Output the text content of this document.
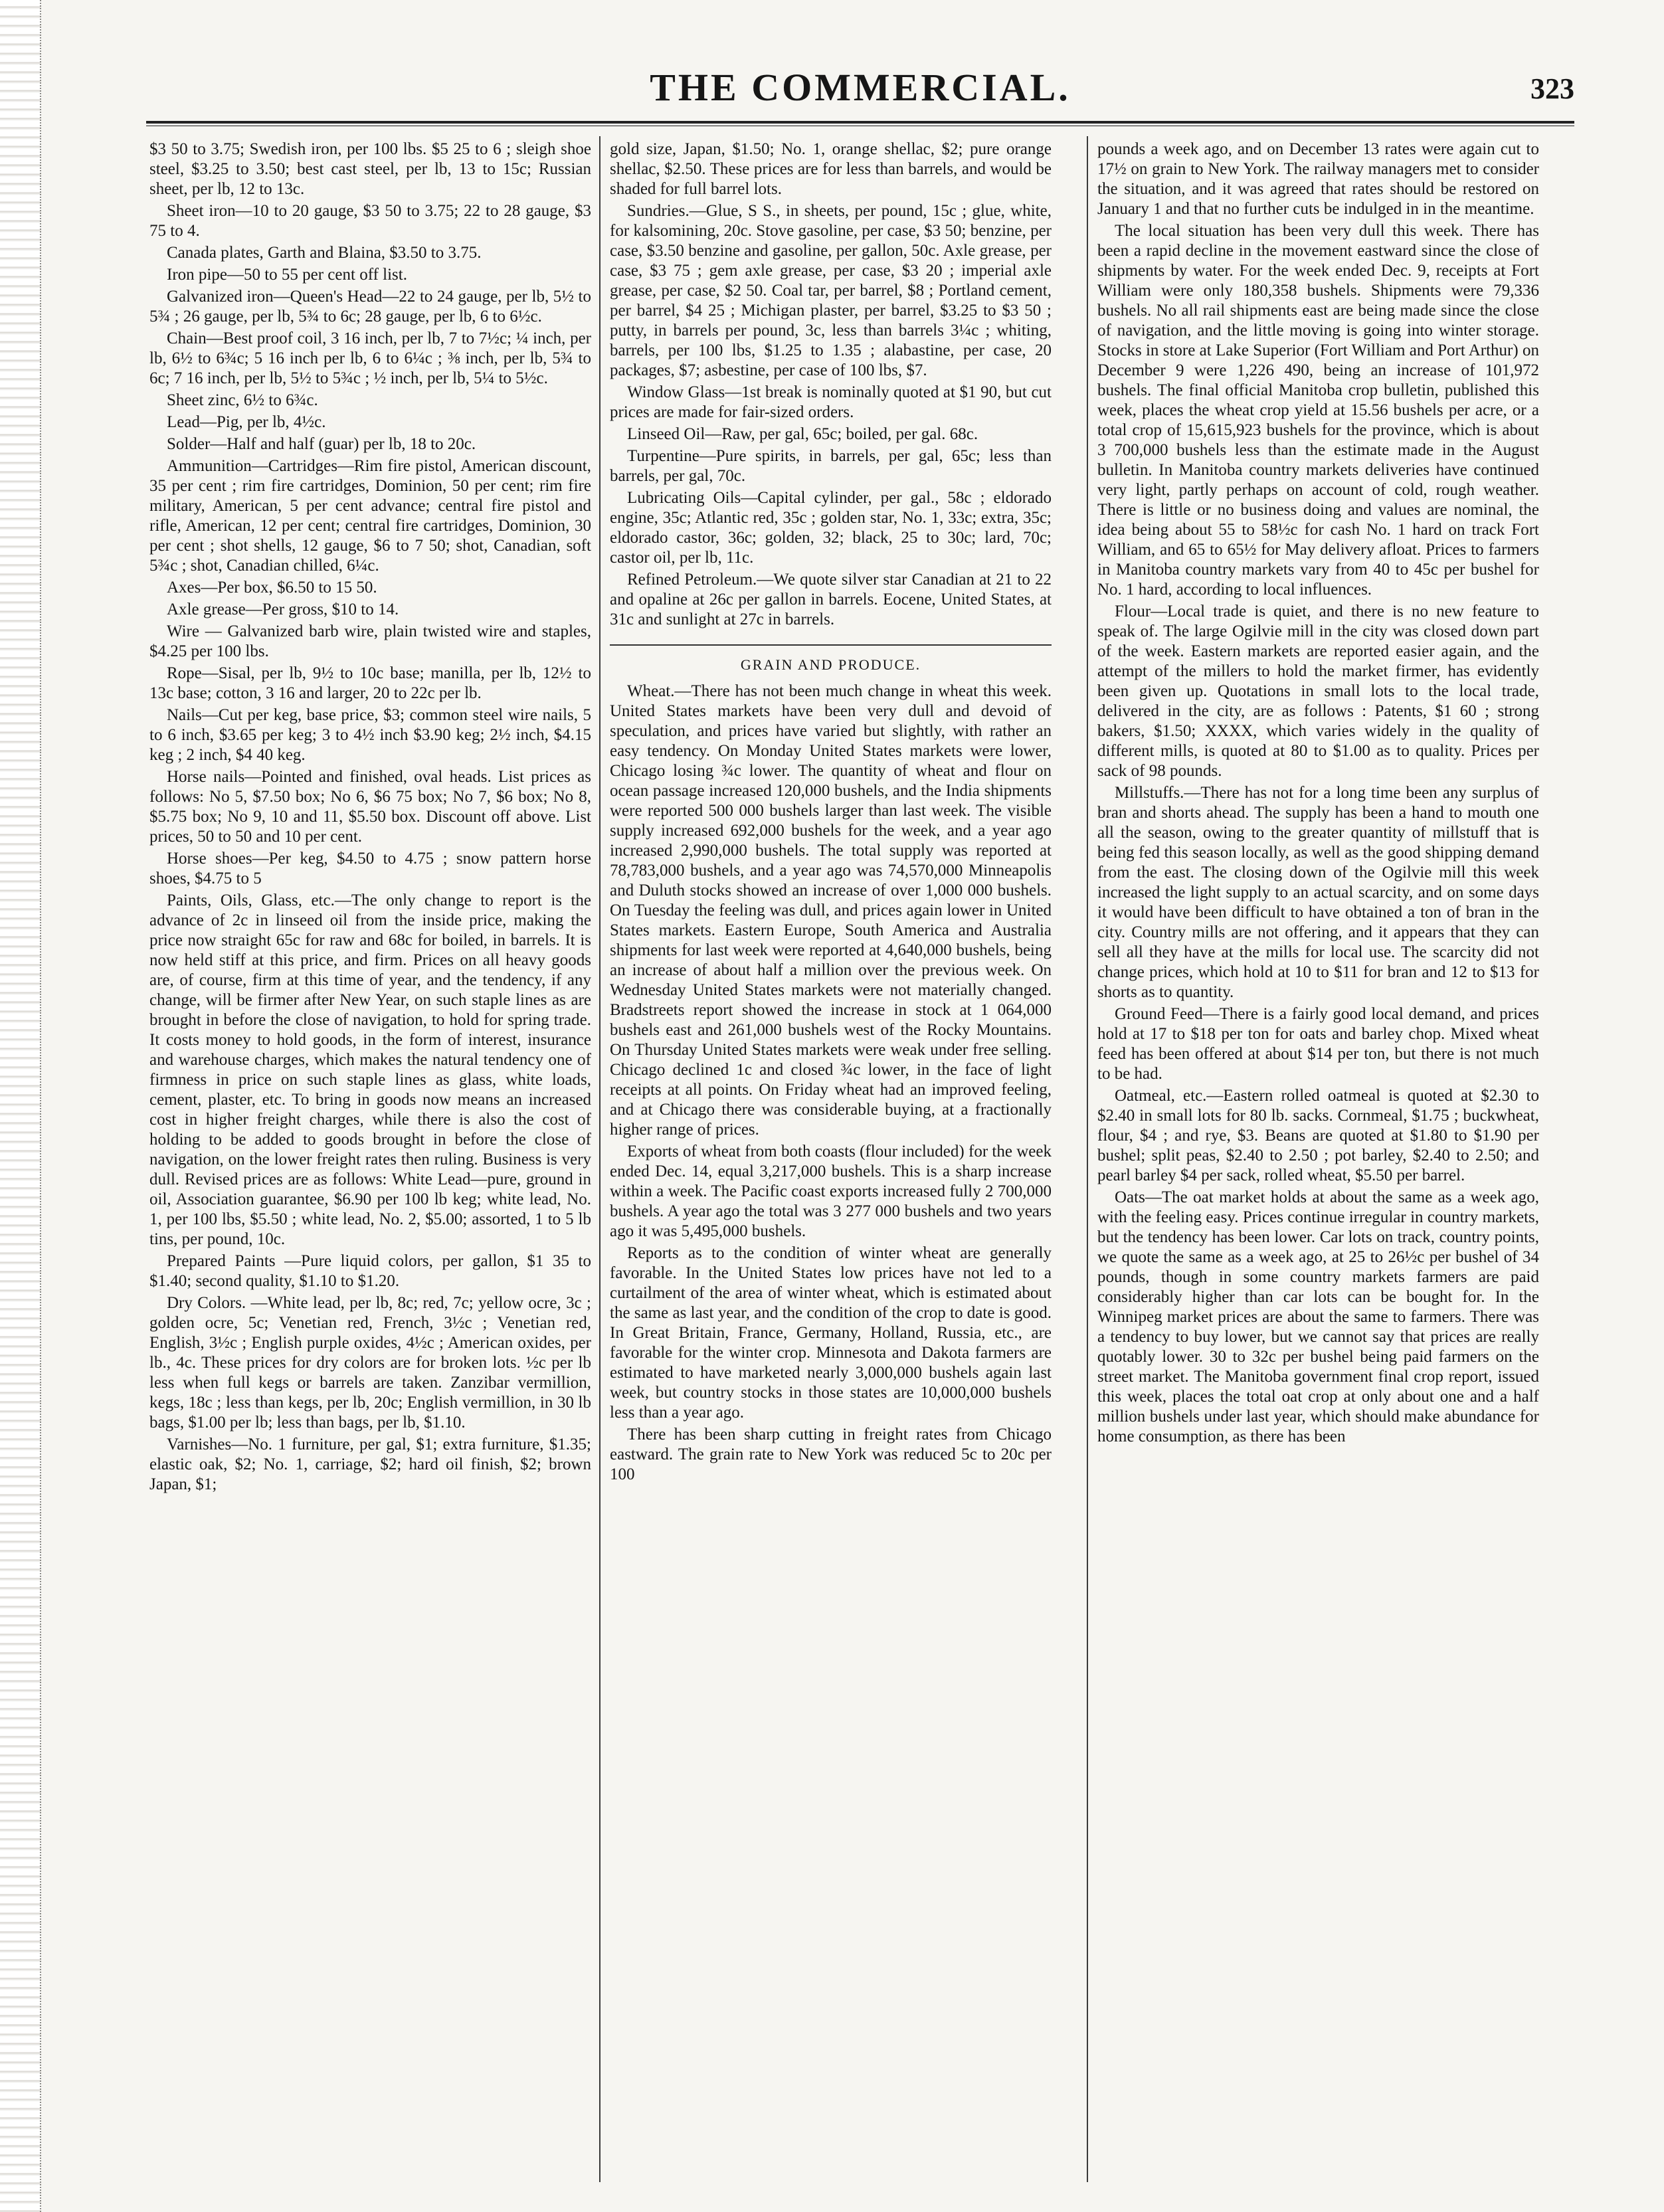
THE COMMERCIAL.	323

$3 50 to 3.75; Swedish iron, per 100 lbs. $5 25 to 6 ; sleigh shoe steel, $3.25 to 3.50; best cast steel, per lb, 13 to 15c; Russian sheet, per lb, 12 to 13c.

Sheet iron—10 to 20 gauge, $3 50 to 3.75; 22 to 28 gauge, $3 75 to 4.

Canada plates, Garth and Blaina, $3.50 to 3.75.

Iron pipe—50 to 55 per cent off list.

Galvanized iron—Queen's Head—22 to 24 gauge, per lb, 5½ to 5¾ ; 26 gauge, per lb, 5¾ to 6c; 28 gauge, per lb, 6 to 6½c.

Chain—Best proof coil, 3 16 inch, per lb, 7 to 7½c; ¼ inch, per lb, 6½ to 6¾c; 5 16 inch per lb, 6 to 6¼c ; ⅜ inch, per lb, 5¾ to 6c; 7 16 inch, per lb, 5½ to 5¾c ; ½ inch, per lb, 5¼ to 5½c.

Sheet zinc, 6½ to 6¾c.

Lead—Pig, per lb, 4½c.

Solder—Half and half (guar) per lb, 18 to 20c.

Ammunition—Cartridges—Rim fire pistol, American discount, 35 per cent ; rim fire cartridges, Dominion, 50 per cent; rim fire military, American, 5 per cent advance; central fire pistol and rifle, American, 12 per cent; central fire cartridges, Dominion, 30 per cent ; shot shells, 12 gauge, $6 to 7 50; shot, Canadian, soft 5¾c ; shot, Canadian chilled, 6¼c.

Axes—Per box, $6.50 to 15 50.

Axle grease—Per gross, $10 to 14.

Wire — Galvanized barb wire, plain twisted wire and staples, $4.25 per 100 lbs.

Rope—Sisal, per lb, 9½ to 10c base; manilla, per lb, 12½ to 13c base; cotton, 3 16 and larger, 20 to 22c per lb.

Nails—Cut per keg, base price, $3; common steel wire nails, 5 to 6 inch, $3.65 per keg; 3 to 4½ inch $3.90 keg; 2½ inch, $4.15 keg ; 2 inch, $4 40 keg.

Horse nails—Pointed and finished, oval heads. List prices as follows: No 5, $7.50 box; No 6, $6 75 box; No 7, $6 box; No 8, $5.75 box; No 9, 10 and 11, $5.50 box. Discount off above. List prices, 50 to 50 and 10 per cent.

Horse shoes—Per keg, $4.50 to 4.75 ; snow pattern horse shoes, $4.75 to 5

Paints, Oils, Glass, etc.—The only change to report is the advance of 2c in linseed oil from the inside price, making the price now straight 65c for raw and 68c for boiled, in barrels. It is now held stiff at this price, and firm. Prices on all heavy goods are, of course, firm at this time of year, and the tendency, if any change, will be firmer after New Year, on such staple lines as are brought in before the close of navigation, to hold for spring trade. It costs money to hold goods, in the form of interest, insurance and warehouse charges, which makes the natural tendency one of firmness in price on such staple lines as glass, white loads, cement, plaster, etc. To bring in goods now means an increased cost in higher freight charges, while there is also the cost of holding to be added to goods brought in before the close of navigation, on the lower freight rates then ruling. Business is very dull. Revised prices are as follows: White Lead—pure, ground in oil, Association guarantee, $6.90 per 100 lb keg; white lead, No. 1, per 100 lbs, $5.50 ; white lead, No. 2, $5.00; assorted, 1 to 5 lb tins, per pound, 10c.

Prepared Paints —Pure liquid colors, per gallon, $1 35 to $1.40; second quality, $1.10 to $1.20.

Dry Colors. —White lead, per lb, 8c; red, 7c; yellow ocre, 3c ; golden ocre, 5c; Venetian red, French, 3½c ; Venetian red, English, 3½c ; English purple oxides, 4½c ; American oxides, per lb., 4c. These prices for dry colors are for broken lots. ½c per lb less when full kegs or barrels are taken. Zanzibar vermillion, kegs, 18c ; less than kegs, per lb, 20c; English vermillion, in 30 lb bags, $1.00 per lb; less than bags, per lb, $1.10.

Varnishes—No. 1 furniture, per gal, $1; extra furniture, $1.35; elastic oak, $2; No. 1, carriage, $2; hard oil finish, $2; brown Japan, $1;

gold size, Japan, $1.50; No. 1, orange shellac, $2; pure orange shellac, $2.50. These prices are for less than barrels, and would be shaded for full barrel lots.

Sundries.—Glue, S S., in sheets, per pound, 15c ; glue, white, for kalsomining, 20c. Stove gasoline, per case, $3 50; benzine, per case, $3.50 benzine and gasoline, per gallon, 50c. Axle grease, per case, $3 75 ; gem axle grease, per case, $3 20 ; imperial axle grease, per case, $2 50. Coal tar, per barrel, $8 ; Portland cement, per barrel, $4 25 ; Michigan plaster, per barrel, $3.25 to $3 50 ; putty, in barrels per pound, 3c, less than barrels 3¼c ; whiting, barrels, per 100 lbs, $1.25 to 1.35 ; alabastine, per case, 20 packages, $7; asbestine, per case of 100 lbs, $7.

Window Glass—1st break is nominally quoted at $1 90, but cut prices are made for fair-sized orders.

Linseed Oil—Raw, per gal, 65c; boiled, per gal. 68c.

Turpentine—Pure spirits, in barrels, per gal, 65c; less than barrels, per gal, 70c.

Lubricating Oils—Capital cylinder, per gal., 58c ; eldorado engine, 35c; Atlantic red, 35c ; golden star, No. 1, 33c; extra, 35c; eldorado castor, 36c; golden, 32; black, 25 to 30c; lard, 70c; castor oil, per lb, 11c.

Refined Petroleum.—We quote silver star Canadian at 21 to 22 and opaline at 26c per gallon in barrels. Eocene, United States, at 31c and sunlight at 27c in barrels.

GRAIN AND PRODUCE.

Wheat.—There has not been much change in wheat this week. United States markets have been very dull and devoid of speculation, and prices have varied but slightly, with rather an easy tendency. On Monday United States markets were lower, Chicago losing ¾c lower. The quantity of wheat and flour on ocean passage increased 120,000 bushels, and the India shipments were reported 500 000 bushels larger than last week. The visible supply increased 692,000 bushels for the week, and a year ago increased 2,990,000 bushels. The total supply was reported at 78,783,000 bushels, and a year ago was 74,570,000 Minneapolis and Duluth stocks showed an increase of over 1,000 000 bushels. On Tuesday the feeling was dull, and prices again lower in United States markets. Eastern Europe, South America and Australia shipments for last week were reported at 4,640,000 bushels, being an increase of about half a million over the previous week. On Wednesday United States markets were not materially changed. Bradstreets report showed the increase in stock at 1 064,000 bushels east and 261,000 bushels west of the Rocky Mountains. On Thursday United States markets were weak under free selling. Chicago declined 1c and closed ¾c lower, in the face of light receipts at all points. On Friday wheat had an improved feeling, and at Chicago there was considerable buying, at a fractionally higher range of prices.

Exports of wheat from both coasts (flour included) for the week ended Dec. 14, equal 3,217,000 bushels. This is a sharp increase within a week. The Pacific coast exports increased fully 2 700,000 bushels. A year ago the total was 3 277 000 bushels and two years ago it was 5,495,000 bushels.

Reports as to the condition of winter wheat are generally favorable. In the United States low prices have not led to a curtailment of the area of winter wheat, which is estimated about the same as last year, and the condition of the crop to date is good. In Great Britain, France, Germany, Holland, Russia, etc., are favorable for the winter crop. Minnesota and Dakota farmers are estimated to have marketed nearly 3,000,000 bushels again last week, but country stocks in those states are 10,000,000 bushels less than a year ago.

There has been sharp cutting in freight rates from Chicago eastward. The grain rate to New York was reduced 5c to 20c per 100

pounds a week ago, and on December 13 rates were again cut to 17½ on grain to New York. The railway managers met to consider the situation, and it was agreed that rates should be restored on January 1 and that no further cuts be indulged in in the meantime.

The local situation has been very dull this week. There has been a rapid decline in the movement eastward since the close of shipments by water. For the week ended Dec. 9, receipts at Fort William were only 180,358 bushels. Shipments were 79,336 bushels. No all rail shipments east are being made since the close of navigation, and the little moving is going into winter storage. Stocks in store at Lake Superior (Fort William and Port Arthur) on December 9 were 1,226 490, being an increase of 101,972 bushels. The final official Manitoba crop bulletin, published this week, places the wheat crop yield at 15.56 bushels per acre, or a total crop of 15,615,923 bushels for the province, which is about 3 700,000 bushels less than the estimate made in the August bulletin. In Manitoba country markets deliveries have continued very light, partly perhaps on account of cold, rough weather. There is little or no business doing and values are nominal, the idea being about 55 to 58½c for cash No. 1 hard on track Fort William, and 65 to 65½ for May delivery afloat. Prices to farmers in Manitoba country markets vary from 40 to 45c per bushel for No. 1 hard, according to local influences.

Flour—Local trade is quiet, and there is no new feature to speak of. The large Ogilvie mill in the city was closed down part of the week. Eastern markets are reported easier again, and the attempt of the millers to hold the market firmer, has evidently been given up. Quotations in small lots to the local trade, delivered in the city, are as follows : Patents, $1 60 ; strong bakers, $1.50; XXXX, which varies widely in the quality of different mills, is quoted at 80 to $1.00 as to quality. Prices per sack of 98 pounds.

Millstuffs.—There has not for a long time been any surplus of bran and shorts ahead. The supply has been a hand to mouth one all the season, owing to the greater quantity of millstuff that is being fed this season locally, as well as the good shipping demand from the east. The closing down of the Ogilvie mill this week increased the light supply to an actual scarcity, and on some days it would have been difficult to have obtained a ton of bran in the city. Country mills are not offering, and it appears that they can sell all they have at the mills for local use. The scarcity did not change prices, which hold at 10 to $11 for bran and 12 to $13 for shorts as to quantity.

Ground Feed—There is a fairly good local demand, and prices hold at 17 to $18 per ton for oats and barley chop. Mixed wheat feed has been offered at about $14 per ton, but there is not much to be had.

Oatmeal, etc.—Eastern rolled oatmeal is quoted at $2.30 to $2.40 in small lots for 80 lb. sacks. Cornmeal, $1.75 ; buckwheat, flour, $4 ; and rye, $3. Beans are quoted at $1.80 to $1.90 per bushel; split peas, $2.40 to 2.50 ; pot barley, $2.40 to 2.50; and pearl barley $4 per sack, rolled wheat, $5.50 per barrel.

Oats—The oat market holds at about the same as a week ago, with the feeling easy. Prices continue irregular in country markets, but the tendency has been lower. Car lots on track, country points, we quote the same as a week ago, at 25 to 26½c per bushel of 34 pounds, though in some country markets farmers are paid considerably higher than car lots can be bought for. In the Winnipeg market prices are about the same to farmers. There was a tendency to buy lower, but we cannot say that prices are really quotably lower. 30 to 32c per bushel being paid farmers on the street market. The Manitoba government final crop report, issued this week, places the total oat crop at only about one and a half million bushels under last year, which should make abundance for home consumption, as there has been
